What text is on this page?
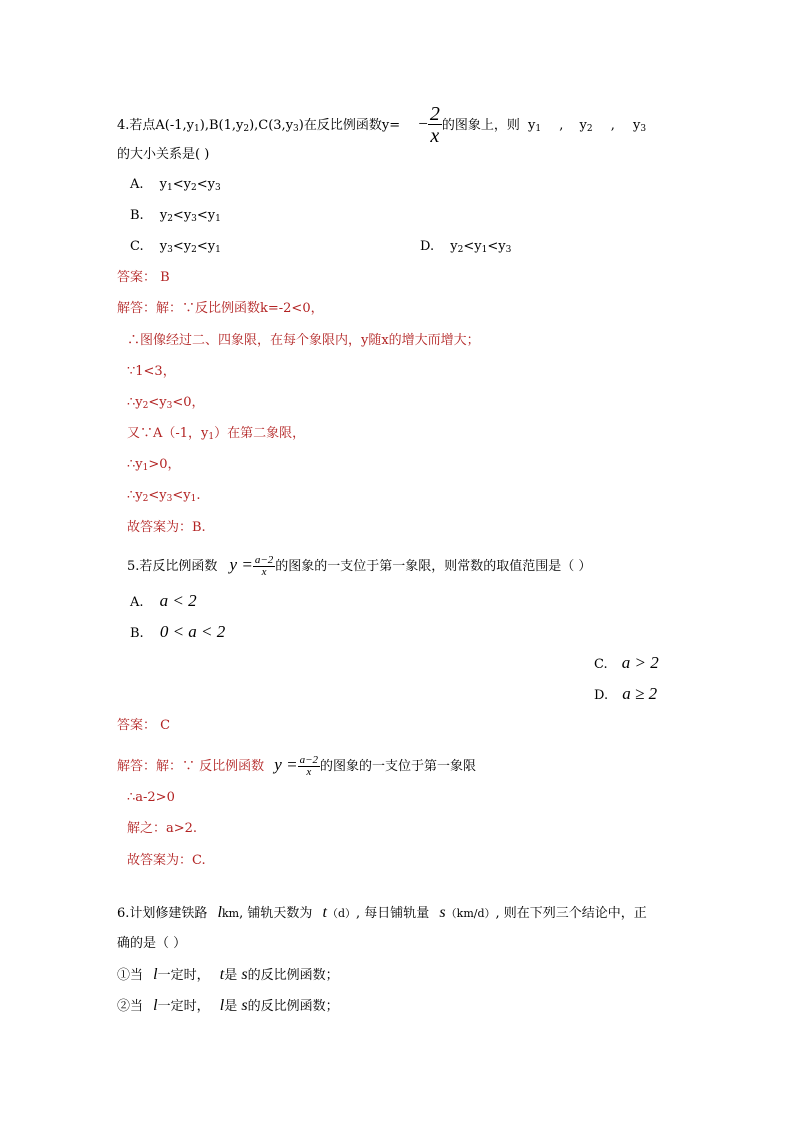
4.若点$A(-1,y_1),B(1,y_2),C(3,y_3)$在反比例函数$y= - \frac{2}{x}$ 的图象上，则 $y_1$ , $y_2$ , $y_3$
的大小关系是( )
A. $y_1<y_2<y_3$
B. $y_2<y_3<y_1$
C. $y_3<y_2<y_1$	D. $y_2<y_1<y_3$
答案： B
解答：解：∵反比例函数k=-2<0，
∴图像经过二、四象限，在每个象限内，y随x的增大而增大；
∵1<3，
$\therefore y_2<y_3<0$，
又∵A（-1，$y_1$）在第二象限，
$\therefore y_1>0$，
$\therefore y_2<y_3<y_1$.
故答案为：B.
5.若反比例函数 $y = \frac{a-2}{x}$ 的图象的一支位于第一象限，则常数的取值范围是（ ）
A. a < 2
B. 0 < a < 2
C. a > 2
D. a ≥ 2
答案： C
解答：解：∵ 反比例函数 $y = \frac{a-2}{x}$ 的图象的一支位于第一象限
∴a-2>0
解之：a>2.
故答案为：C.
6.计划修建铁路 lkm, 铺轨天数为 t（d）, 每日铺轨量 s（km/d）, 则在下列三个结论中，正
确的是（ ）
①当 l一定时， t是 s的反比例函数；
②当 l一定时， l是 s的反比例函数；
